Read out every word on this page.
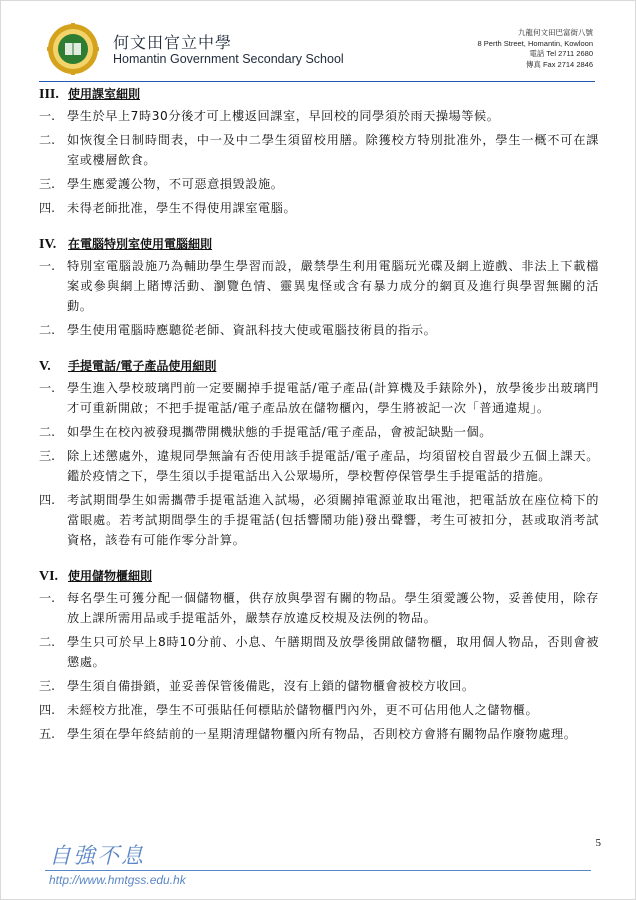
何文田官立中學
Homantin Government Secondary School
九龍何文田巴富街八號
8 Perth Street, Homantin, Kowloon
電話 Tel 2711 2680
傳真 Fax 2714 2846
III. 使用課室細則
一. 學生於早上7時30分後才可上樓返回課室，早回校的同學須於雨天操場等候。
二. 如恢復全日制時間表，中一及中二學生須留校用膳。除獲校方特別批准外，學生一概不可在課室或樓層飲食。
三. 學生應愛護公物，不可惡意損毀設施。
四. 未得老師批准，學生不得使用課室電腦。
IV. 在電腦特別室使用電腦細則
一. 特別室電腦設施乃為輔助學生學習而設，嚴禁學生利用電腦玩光碟及網上遊戲、非法上下載檔案或參與網上賭博活動、瀏覽色情、靈異鬼怪或含有暴力成分的網頁及進行與學習無關的活動。
二. 學生使用電腦時應聽從老師、資訊科技大使或電腦技術員的指示。
V.	手提電話/電子產品使用細則
一. 學生進入學校玻璃門前一定要關掉手提電話/電子產品(計算機及手錶除外)，放學後步出玻璃門才可重新開啟；不把手提電話/電子產品放在儲物櫃內，學生將被記一次「普通違規」。
二. 如學生在校內被發現攜帶開機狀態的手提電話/電子產品，會被記缺點一個。
三. 除上述懲處外，違規同學無論有否使用該手提電話/電子產品，均須留校自習最少五個上課天。鑑於疫情之下，學生須以手提電話出入公眾場所，學校暫停保管學生手提電話的措施。
四. 考試期間學生如需攜帶手提電話進入試場，必須關掉電源並取出電池，把電話放在座位椅下的當眼處。若考試期間學生的手提電話(包括響鬧功能)發出聲響，考生可被扣分，甚或取消考試資格，該卷有可能作零分計算。
VI. 使用儲物櫃細則
一. 每名學生可獲分配一個儲物櫃，供存放與學習有關的物品。學生須愛護公物，妥善使用，除存放上課所需用品或手提電話外，嚴禁存放違反校規及法例的物品。
二. 學生只可於早上8時10分前、小息、午膳期間及放學後開啟儲物櫃，取用個人物品，否則會被懲處。
三. 學生須自備掛鎖，並妥善保管後備匙，沒有上鎖的儲物櫃會被校方收回。
四. 未經校方批准，學生不可張貼任何標貼於儲物櫃門內外，更不可佔用他人之儲物櫃。
五. 學生須在學年終結前的一星期清理儲物櫃內所有物品，否則校方會將有關物品作廢物處理。
5
自強不息
http://www.hmtgss.edu.hk
